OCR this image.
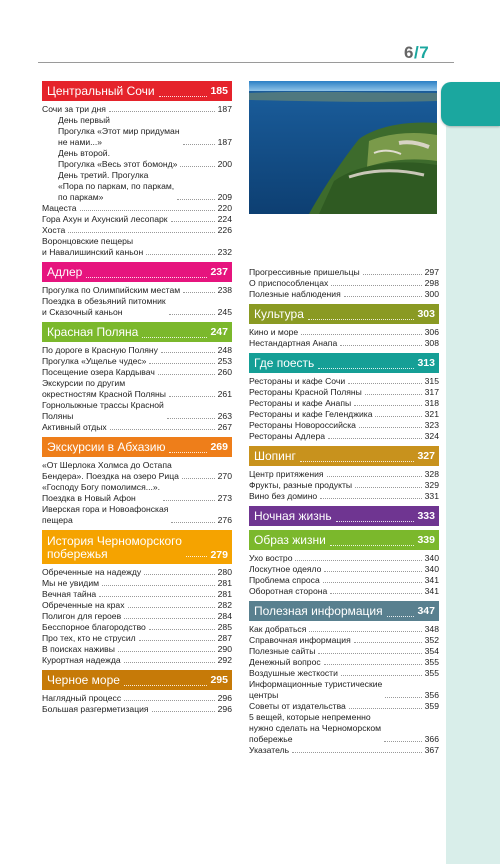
6/7
Центральный Сочи	185
Сочи за три дня	187
День первый
Прогулка «Этот мир придуман
не нами...»	187
День второй.
Прогулка «Весь этот бомонд»	200
День третий. Прогулка
«Пора по паркам, по паркам,
по паркам»	209
Мацеста	220
Гора Ахун и Ахунский лесопарк	224
Хоста	226
Воронцовские пещеры
и Навалишинский каньон	232
Адлер	237
Прогулка по Олимпийским местам	238
Поездка в обезьяний питомник
и Сказочный каньон	245
Красная Поляна	247
По дороге в Красную Поляну	248
Прогулка «Ущелье чудес»	253
Посещение озера Кардывач	260
Экскурсии по другим
окрестностям Красной Поляны	261
Горнолыжные трассы Красной
Поляны	263
Активный отдых	267
Экскурсии в Абхазию	269
«От Шерлока Холмса до Остапа
Бендера». Поездка на озеро Рица	270
«Господу Богу помолимся...».
Поездка в Новый Афон	273
Иверская гора и Новоафонская
пещера	276
История Черноморского
побережья	279
Обреченные на надежду	280
Мы не увидим	281
Вечная тайна	281
Обреченные на крах	282
Полигон для героев	284
Бесспорное благородство	285
Про тех, кто не струсил	287
В поисках наживы	290
Курортная надежда	292
Черное море	295
Наглядный процесс	296
Большая разгерметизация	296
Прогрессивные пришельцы	297
О приспособленцах	298
Полезные наблюдения	300
Культура	303
Кино и море	306
Нестандартная Анапа	308
Где поесть	313
Рестораны и кафе Сочи	315
Рестораны Красной Поляны	317
Рестораны и кафе Анапы	318
Рестораны и кафе Геленджика	321
Рестораны Новороссийска	323
Рестораны Адлера	324
Шопинг	327
Центр притяжения	328
Фрукты, разные продукты	329
Вино без домино	331
Ночная жизнь	333
Образ жизни	339
Ухо востро	340
Лоскутное одеяло	340
Проблема спроса	341
Оборотная сторона	341
Полезная информация	347
Как добраться	348
Справочная информация	352
Полезные сайты	354
Денежный вопрос	355
Воздушные жесткости	355
Информационные туристические
центры	356
Советы от издательства	359
5 вещей, которые непременно
нужно сделать на Черноморском
побережье	366
Указатель	367
